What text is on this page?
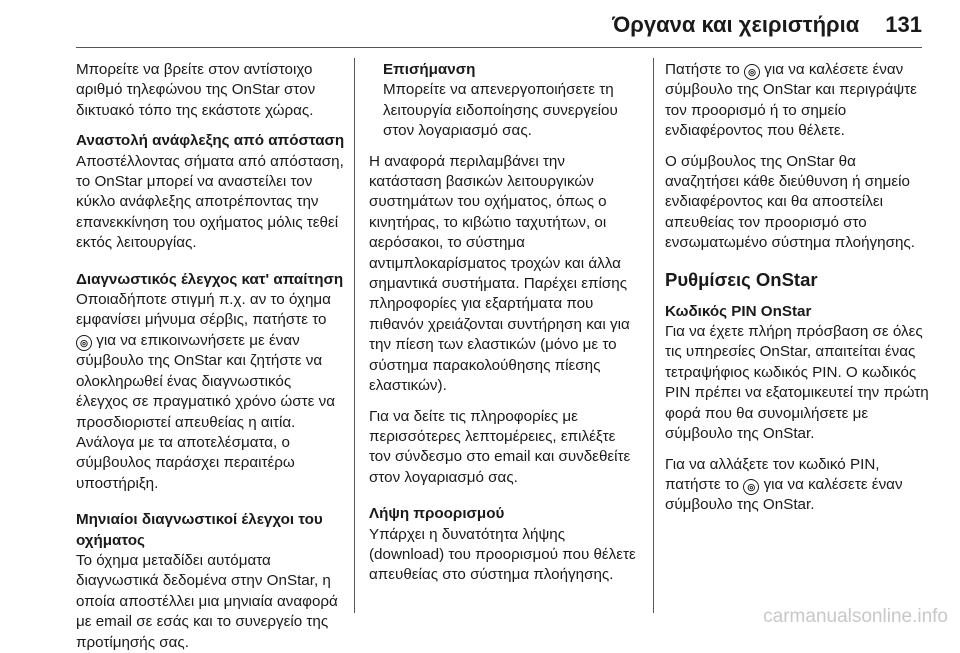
Όργανα και χειριστήρια 131

Μπορείτε να βρείτε στον αντίστοιχο αριθμό τηλεφώνου της OnStar στον δικτυακό τόπο της εκάστοτε χώρας.

Αναστολή ανάφλεξης από απόσταση

Αποστέλλοντας σήματα από απόσταση, το OnStar μπορεί να αναστείλει τον κύκλο ανάφλεξης αποτρέποντας την επανεκκίνηση του οχήματος μόλις τεθεί εκτός λειτουργίας.

Διαγνωστικός έλεγχος κατ' απαίτηση

Οποιαδήποτε στιγμή π.χ. αν το όχημα εμφανίσει μήνυμα σέρβις, πατήστε το ◎ για να επικοινωνήσετε με έναν σύμβουλο της OnStar και ζητήστε να ολοκληρωθεί ένας διαγνωστικός έλεγχος σε πραγματικό χρόνο ώστε να προσδιοριστεί απευθείας η αιτία. Ανάλογα με τα αποτελέσματα, ο σύμβουλος παράσχει περαιτέρω υποστήριξη.

Μηνιαίοι διαγνωστικοί έλεγχοι του οχήματος

Το όχημα μεταδίδει αυτόματα διαγνωστικά δεδομένα στην OnStar, η οποία αποστέλλει μια μηνιαία αναφορά με email σε εσάς και το συνεργείο της προτίμησής σας.

Επισήμανση

Μπορείτε να απενεργοποιήσετε τη λειτουργία ειδοποίησης συνεργείου στον λογαριασμό σας.

Η αναφορά περιλαμβάνει την κατάσταση βασικών λειτουργικών συστημάτων του οχήματος, όπως ο κινητήρας, το κιβώτιο ταχυτήτων, οι αερόσακοι, το σύστημα αντιμπλοκαρίσματος τροχών και άλλα σημαντικά συστήματα. Παρέχει επίσης πληροφορίες για εξαρτήματα που πιθανόν χρειάζονται συντήρηση και για την πίεση των ελαστικών (μόνο με το σύστημα παρακολούθησης πίεσης ελαστικών).

Για να δείτε τις πληροφορίες με περισσότερες λεπτομέρειες, επιλέξτε τον σύνδεσμο στο email και συνδεθείτε στον λογαριασμό σας.

Λήψη προορισμού

Υπάρχει η δυνατότητα λήψης (download) του προορισμού που θέλετε απευθείας στο σύστημα πλοήγησης.

Πατήστε το ◎ για να καλέσετε έναν σύμβουλο της OnStar και περιγράψτε τον προορισμό ή το σημείο ενδιαφέροντος που θέλετε.

Ο σύμβουλος της OnStar θα αναζητήσει κάθε διεύθυνση ή σημείο ενδιαφέροντος και θα αποστείλει απευθείας τον προορισμό στο ενσωματωμένο σύστημα πλοήγησης.

Ρυθμίσεις OnStar

Κωδικός PIN OnStar

Για να έχετε πλήρη πρόσβαση σε όλες τις υπηρεσίες OnStar, απαιτείται ένας τετραψήφιος κωδικός PIN. Ο κωδικός PIN πρέπει να εξατομικευτεί την πρώτη φορά που θα συνομιλήσετε με σύμβουλο της OnStar.

Για να αλλάξετε τον κωδικό PIN, πατήστε το ◎ για να καλέσετε έναν σύμβουλο της OnStar.

carmanualsonline.info
